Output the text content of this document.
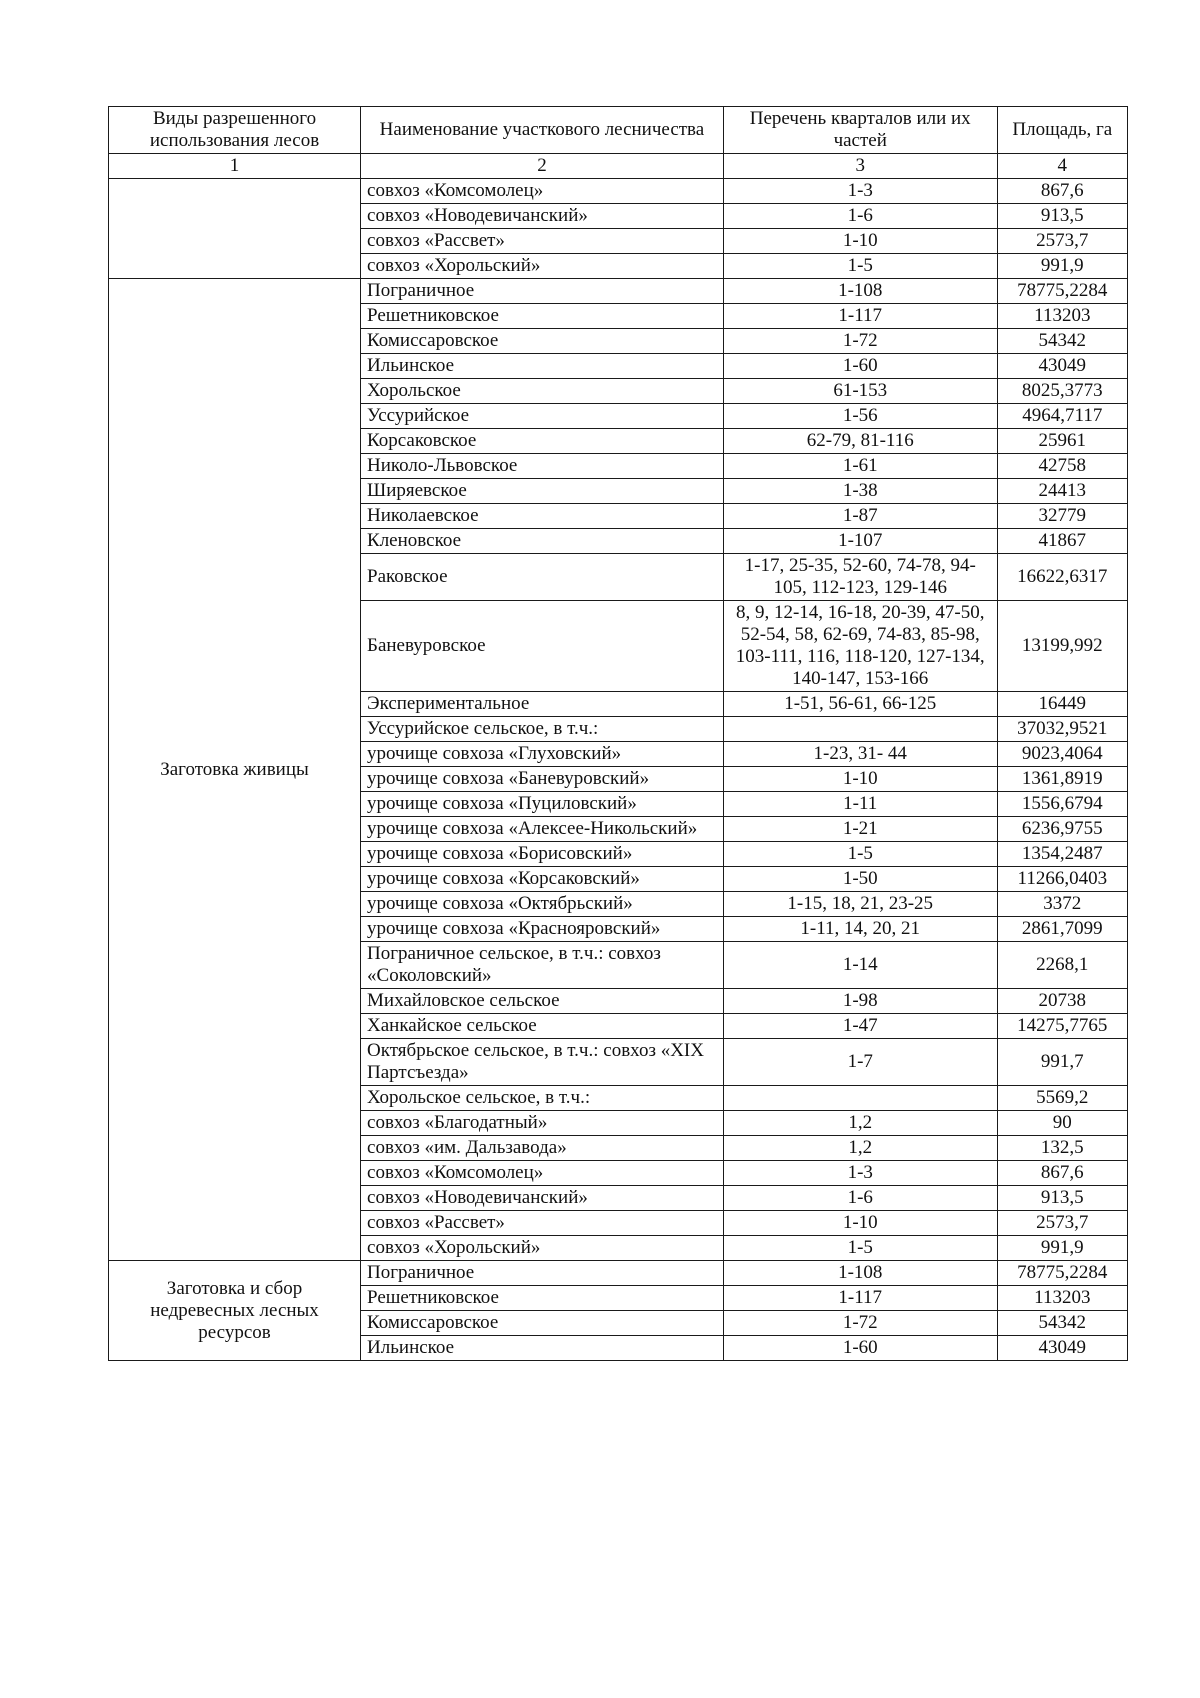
Виды разрешенного использования лесов	Наименование участкового лесничества	Перечень кварталов или их частей	Площадь, га
1	2	3	4
	совхоз «Комсомолец»	1-3	867,6
	совхоз «Новодевичанский»	1-6	913,5
	совхоз «Рассвет»	1-10	2573,7
	совхоз «Хорольский»	1-5	991,9
Заготовка живицы	Пограничное	1-108	78775,2284
	Решетниковское	1-117	113203
	Комиссаровское	1-72	54342
	Ильинское	1-60	43049
	Хорольское	61-153	8025,3773
	Уссурийское	1-56	4964,7117
	Корсаковское	62-79, 81-116	25961
	Николо-Львовское	1-61	42758
	Ширяевское	1-38	24413
	Николаевское	1-87	32779
	Кленовское	1-107	41867
	Раковское	1-17, 25-35, 52-60, 74-78, 94-105, 112-123, 129-146	16622,6317
	Баневуровское	8, 9, 12-14, 16-18, 20-39, 47-50, 52-54, 58, 62-69, 74-83, 85-98, 103-111, 116, 118-120, 127-134, 140-147, 153-166	13199,992
	Экспериментальное	1-51, 56-61, 66-125	16449
	Уссурийское сельское, в т.ч.:		37032,9521
	урочище совхоза «Глуховский»	1-23, 31- 44	9023,4064
	урочище совхоза «Баневуровский»	1-10	1361,8919
	урочище совхоза «Пуциловский»	1-11	1556,6794
	урочище совхоза «Алексее-Никольский»	1-21	6236,9755
	урочище совхоза «Борисовский»	1-5	1354,2487
	урочище совхоза «Корсаковский»	1-50	11266,0403
	урочище совхоза «Октябрьский»	1-15, 18, 21, 23-25	3372
	урочище совхоза «Краснояровский»	1-11, 14, 20, 21	2861,7099
	Пограничное сельское, в т.ч.: совхоз «Соколовский»	1-14	2268,1
	Михайловское сельское	1-98	20738
	Ханкайское сельское	1-47	14275,7765
	Октябрьское сельское, в т.ч.: совхоз «XIX Партсъезда»	1-7	991,7
	Хорольское сельское, в т.ч.:		5569,2
	совхоз «Благодатный»	1,2	90
	совхоз «им. Дальзавода»	1,2	132,5
	совхоз «Комсомолец»	1-3	867,6
	совхоз «Новодевичанский»	1-6	913,5
	совхоз «Рассвет»	1-10	2573,7
	совхоз «Хорольский»	1-5	991,9
Заготовка и сбор недревесных лесных ресурсов	Пограничное	1-108	78775,2284
	Решетниковское	1-117	113203
	Комиссаровское	1-72	54342
	Ильинское	1-60	43049
